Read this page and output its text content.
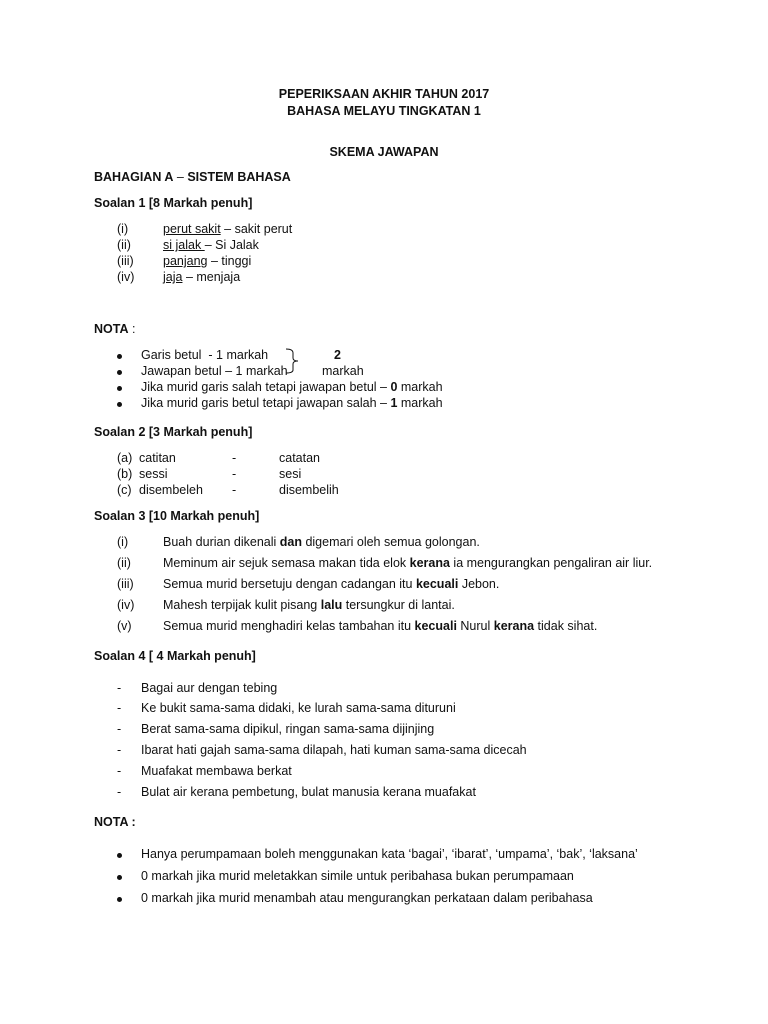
PEPERIKSAAN AKHIR TAHUN 2017
BAHASA MELAYU TINGKATAN 1
SKEMA JAWAPAN
BAHAGIAN A – SISTEM BAHASA
Soalan 1 [8 Markah penuh]
(i)	perut sakit – sakit perut
(ii)	si jalak – Si Jalak
(iii) panjang – tinggi
(iv) jaja – menjaja
NOTA :
Garis betul  - 1 markah
Jawapan betul – 1 markah
2
markah
Jika murid garis salah tetapi jawapan betul – 0 markah
Jika murid garis betul tetapi jawapan salah – 1 markah
Soalan 2 [3 Markah penuh]
(a) catitan	-	catatan
(b) sessi	-	sesi
(c) disembeleh -	disembelih
Soalan 3 [10 Markah penuh]
(i)	Buah durian dikenali dan digemari oleh semua golongan.
(ii)	Meminum air sejuk semasa makan tida elok kerana ia mengurangkan pengaliran air liur.
(iii) Semua murid bersetuju dengan cadangan itu kecuali Jebon.
(iv) Mahesh terpijak kulit pisang lalu tersungkur di lantai.
(v)	Semua murid menghadiri kelas tambahan itu kecuali Nurul kerana tidak sihat.
Soalan 4 [ 4 Markah penuh]
- Bagai aur dengan tebing
- Ke bukit sama-sama didaki, ke lurah sama-sama dituruni
- Berat sama-sama dipikul, ringan sama-sama dijinjing
- Ibarat hati gajah sama-sama dilapah, hati kuman sama-sama dicecah
- Muafakat membawa berkat
- Bulat air kerana pembetung, bulat manusia kerana muafakat
NOTA :
Hanya perumpamaan boleh menggunakan kata ‘bagai’, ‘ibarat’, ‘umpama’, ‘bak’, ‘laksana’
0 markah jika murid meletakkan simile untuk peribahasa bukan perumpamaan
0 markah jika murid menambah atau mengurangkan perkataan dalam peribahasa
